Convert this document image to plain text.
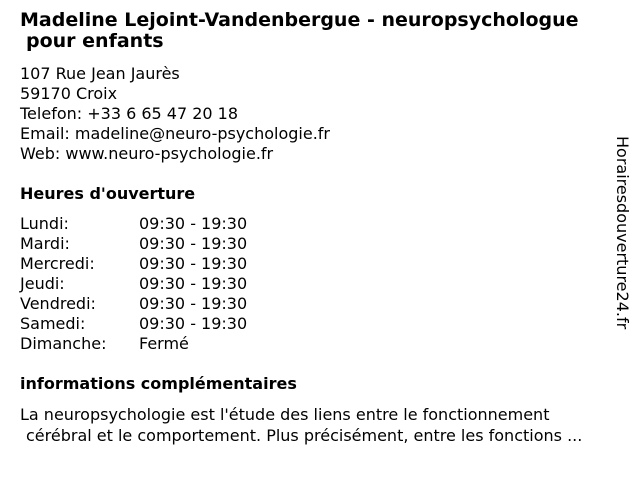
Madeline Lejoint-Vandenbergue - neuropsychologue
pour enfants
107 Rue Jean Jaurès
59170 Croix
Telefon: +33 6 65 47 20 18
Email: madeline@neuro-psychologie.fr
Web: www.neuro-psychologie.fr
Heures d'ouverture
Lundi:	09:30 - 19:30
Mardi:	09:30 - 19:30
Mercredi:	09:30 - 19:30
Jeudi:	09:30 - 19:30
Vendredi:	09:30 - 19:30
Samedi:	09:30 - 19:30
Dimanche:	Fermé
informations complémentaires
La neuropsychologie est l'étude des liens entre le fonctionnement
cérébral et le comportement. Plus précisément, entre les fonctions ...
Horairesdouverture24.fr
